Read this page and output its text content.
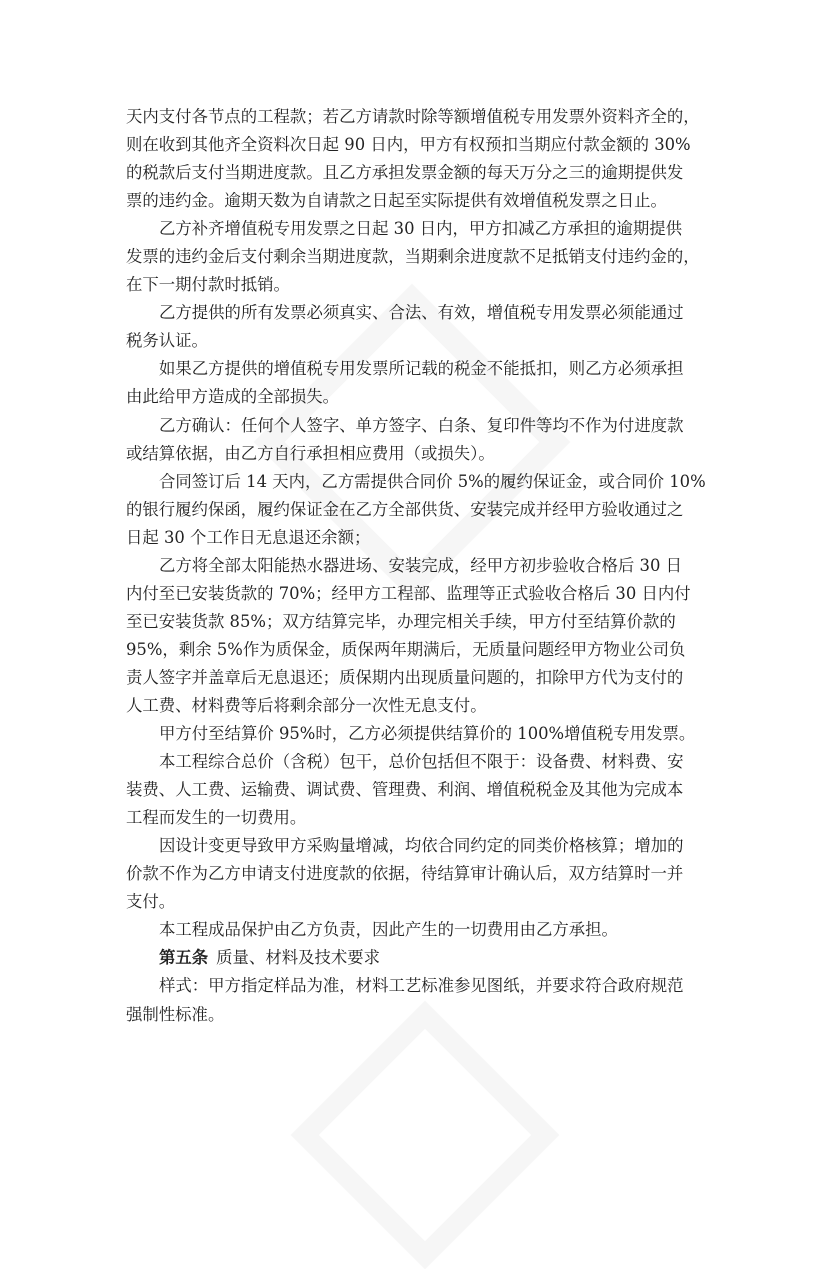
天内支付各节点的工程款；若乙方请款时除等额增值税专用发票外资料齐全的，
则在收到其他齐全资料次日起 90 日内，甲方有权预扣当期应付款金额的 30%
的税款后支付当期进度款。且乙方承担发票金额的每天万分之三的逾期提供发
票的违约金。逾期天数为自请款之日起至实际提供有效增值税发票之日止。
乙方补齐增值税专用发票之日起 30 日内，甲方扣减乙方承担的逾期提供
发票的违约金后支付剩余当期进度款，当期剩余进度款不足抵销支付违约金的，
在下一期付款时抵销。
乙方提供的所有发票必须真实、合法、有效，增值税专用发票必须能通过
税务认证。
如果乙方提供的增值税专用发票所记载的税金不能抵扣，则乙方必须承担
由此给甲方造成的全部损失。
乙方确认：任何个人签字、单方签字、白条、复印件等均不作为付进度款
或结算依据，由乙方自行承担相应费用（或损失）。
合同签订后 14 天内，乙方需提供合同价 5%的履约保证金，或合同价 10%
的银行履约保函，履约保证金在乙方全部供货、安装完成并经甲方验收通过之
日起 30 个工作日无息退还余额；
乙方将全部太阳能热水器进场、安装完成，经甲方初步验收合格后 30 日
内付至已安装货款的 70%；经甲方工程部、监理等正式验收合格后 30 日内付
至已安装货款 85%；双方结算完毕，办理完相关手续，甲方付至结算价款的
95%，剩余 5%作为质保金，质保两年期满后，无质量问题经甲方物业公司负
责人签字并盖章后无息退还；质保期内出现质量问题的，扣除甲方代为支付的
人工费、材料费等后将剩余部分一次性无息支付。
甲方付至结算价 95%时，乙方必须提供结算价的 100%增值税专用发票。
本工程综合总价（含税）包干，总价包括但不限于：设备费、材料费、安
装费、人工费、运输费、调试费、管理费、利润、增值税税金及其他为完成本
工程而发生的一切费用。
因设计变更导致甲方采购量增减，均依合同约定的同类价格核算；增加的
价款不作为乙方申请支付进度款的依据，待结算审计确认后，双方结算时一并
支付。
本工程成品保护由乙方负责，因此产生的一切费用由乙方承担。
第五条 质量、材料及技术要求
样式：甲方指定样品为准，材料工艺标准参见图纸，并要求符合政府规范
强制性标准。
